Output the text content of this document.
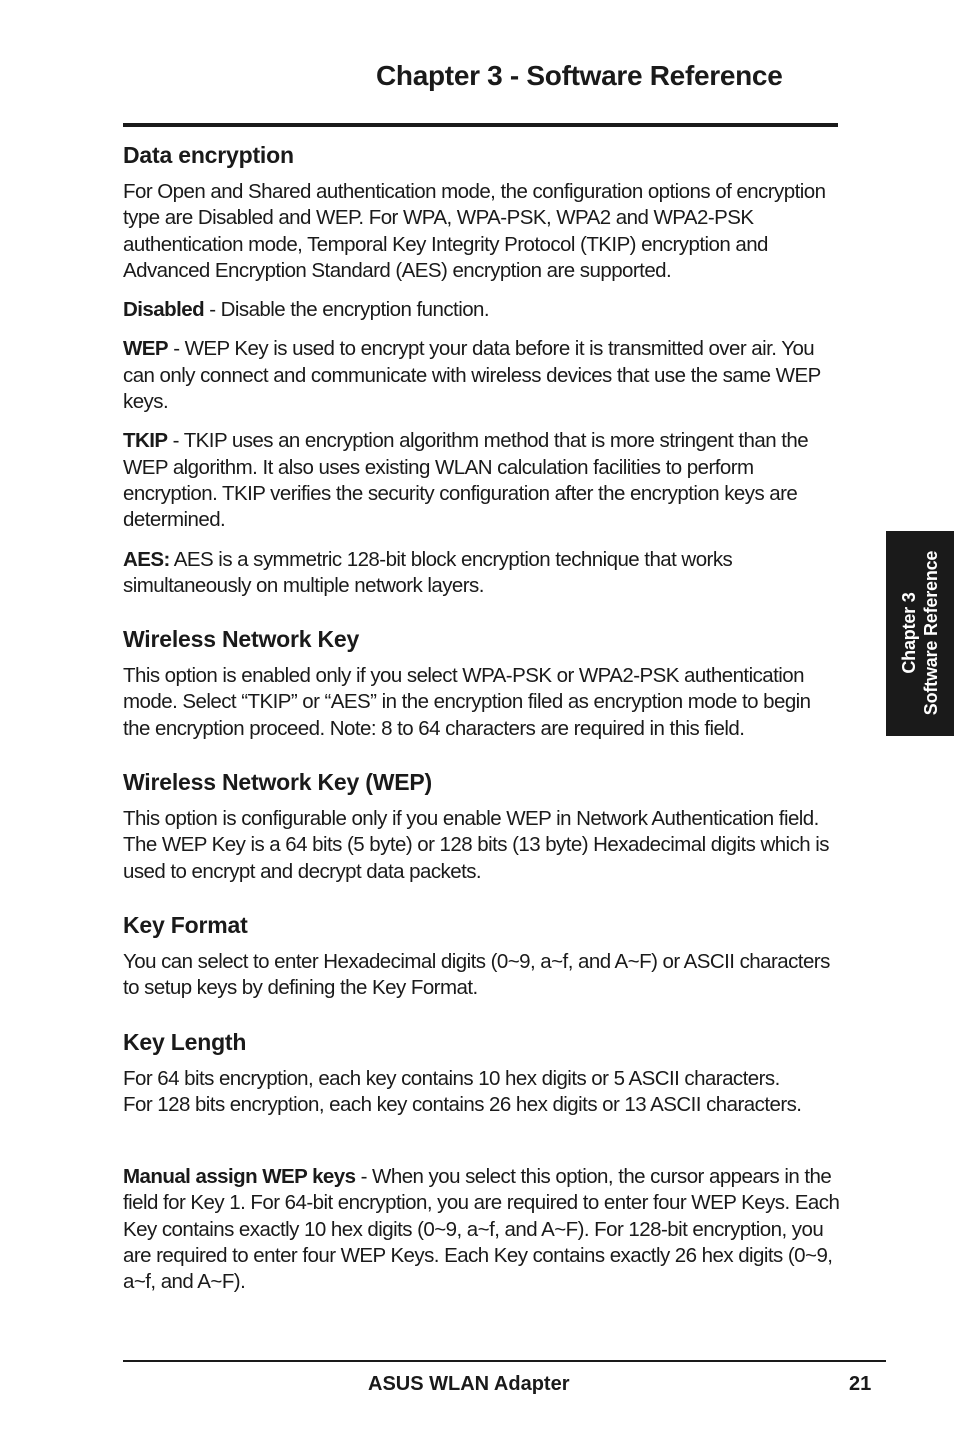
Chapter 3 - Software Reference
Data encryption

For Open and Shared authentication mode, the configuration options of encryption type are Disabled and WEP. For WPA, WPA-PSK, WPA2 and WPA2-PSK authentication mode, Temporal Key Integrity Protocol (TKIP) encryption and Advanced Encryption Standard (AES) encryption are supported.

Disabled - Disable the encryption function.

WEP - WEP Key is used to encrypt your data before it is transmitted over air. You can only connect and communicate with wireless devices that use the same WEP keys.

TKIP - TKIP uses an encryption algorithm method that is more stringent than the WEP algorithm. It also uses existing WLAN calculation facilities to perform encryption. TKIP verifies the security configuration after the encryption keys are determined.

AES: AES is a symmetric 128-bit block encryption technique that works simultaneously on multiple network layers.

Wireless Network Key

This option is enabled only if you select WPA-PSK or WPA2-PSK authentication mode. Select “TKIP” or “AES” in the encryption filed as encryption mode to begin the encryption proceed. Note: 8 to 64 characters are required in this field.

Wireless Network Key (WEP)

This option is configurable only if you enable WEP in Network Authentication field. The WEP Key is a 64 bits (5 byte) or 128 bits (13 byte) Hexadecimal digits which is used to encrypt and decrypt data packets.

Key Format

You can select to enter Hexadecimal digits (0~9, a~f, and A~F) or ASCII characters to setup keys by defining the Key Format.

Key Length

For 64 bits encryption, each key contains 10 hex digits or 5 ASCII characters.
For 128 bits encryption, each key contains 26 hex digits or 13 ASCII characters.

Manual assign WEP keys - When you select this option, the cursor appears in the field for Key 1. For 64-bit encryption, you are required to enter four WEP Keys. Each Key contains exactly 10 hex digits (0~9, a~f, and A~F). For 128-bit encryption, you are required to enter four WEP Keys. Each Key contains exactly 26 hex digits (0~9, a~f, and A~F).

Chapter 3 Software Reference
ASUS WLAN Adapter	21
